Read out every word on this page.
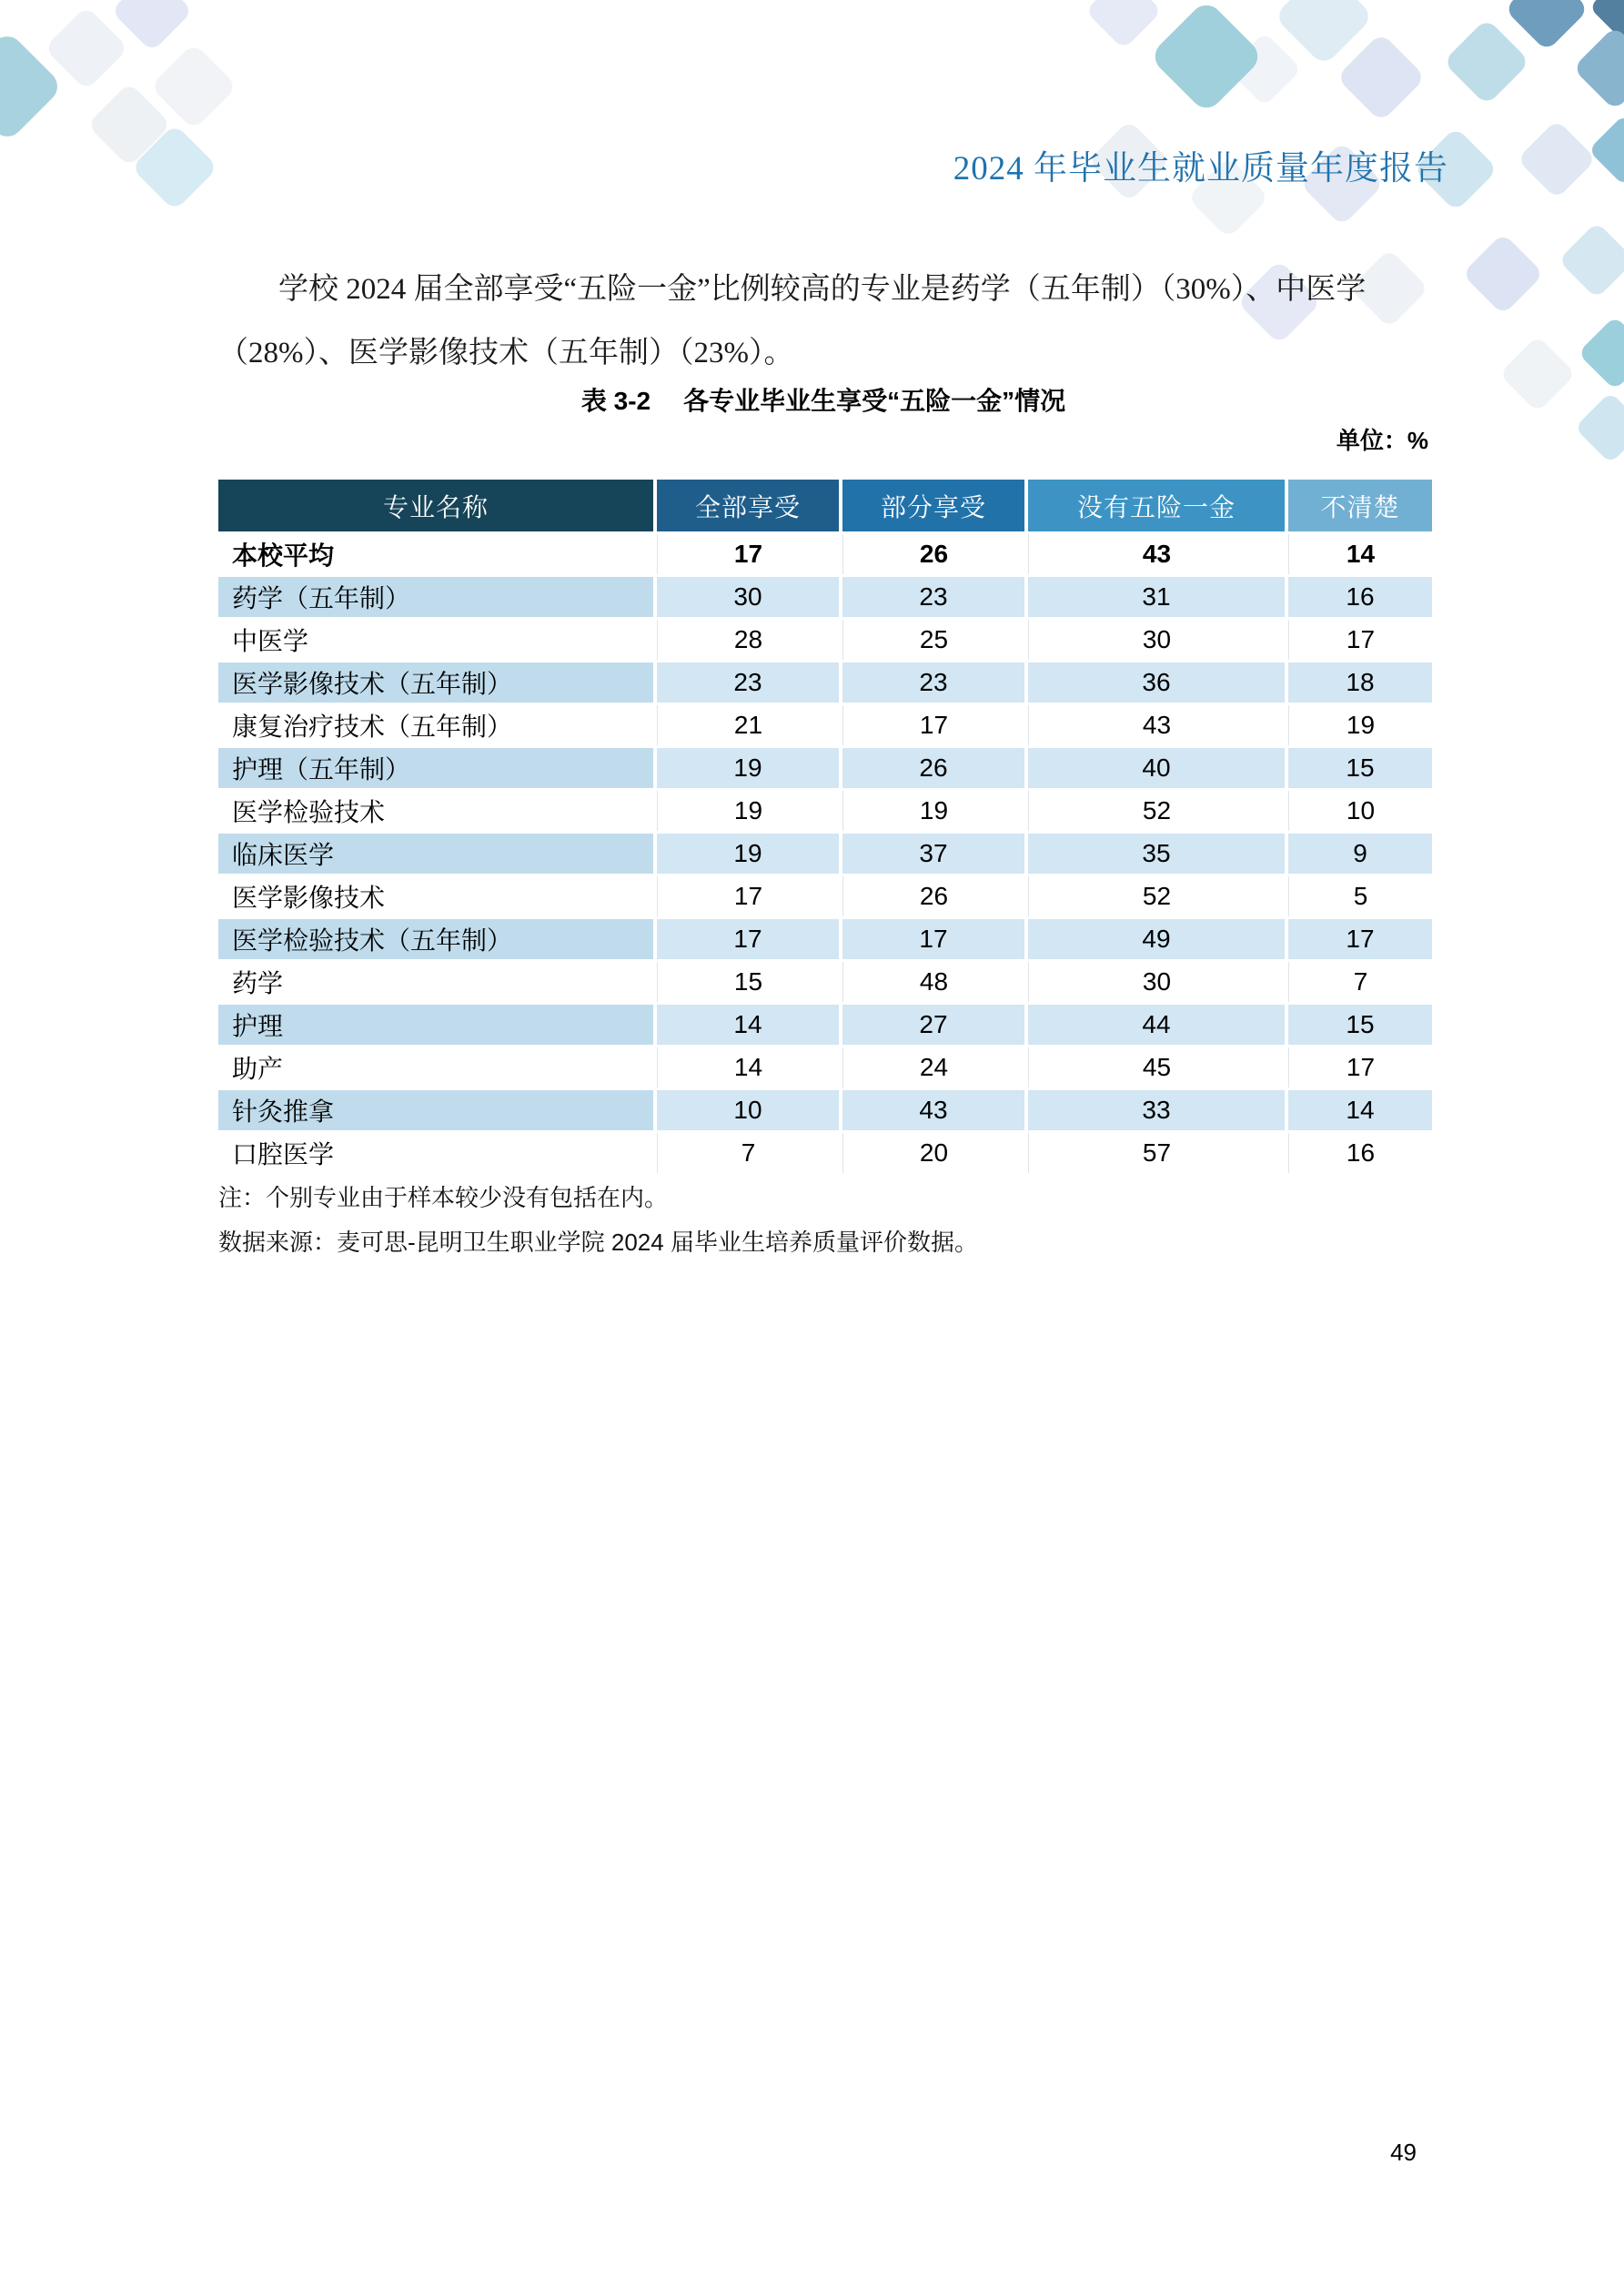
2024 年毕业生就业质量年度报告

学校 2024 届全部享受“五险一金”比例较高的专业是药学（五年制）（30%）、中医学（28%）、医学影像技术（五年制）（23%）。

表 3-2 各专业毕业生享受“五险一金”情况
单位：%
专业名称	全部享受	部分享受	没有五险一金	不清楚
本校平均	17	26	43	14
药学（五年制）	30	23	31	16
中医学	28	25	30	17
医学影像技术（五年制）	23	23	36	18
康复治疗技术（五年制）	21	17	43	19
护理（五年制）	19	26	40	15
医学检验技术	19	19	52	10
临床医学	19	37	35	9
医学影像技术	17	26	52	5
医学检验技术（五年制）	17	17	49	17
药学	15	48	30	7
护理	14	27	44	15
助产	14	24	45	17
针灸推拿	10	43	33	14
口腔医学	7	20	57	16
注：个别专业由于样本较少没有包括在内。
数据来源：麦可思-昆明卫生职业学院 2024 届毕业生培养质量评价数据。
49
